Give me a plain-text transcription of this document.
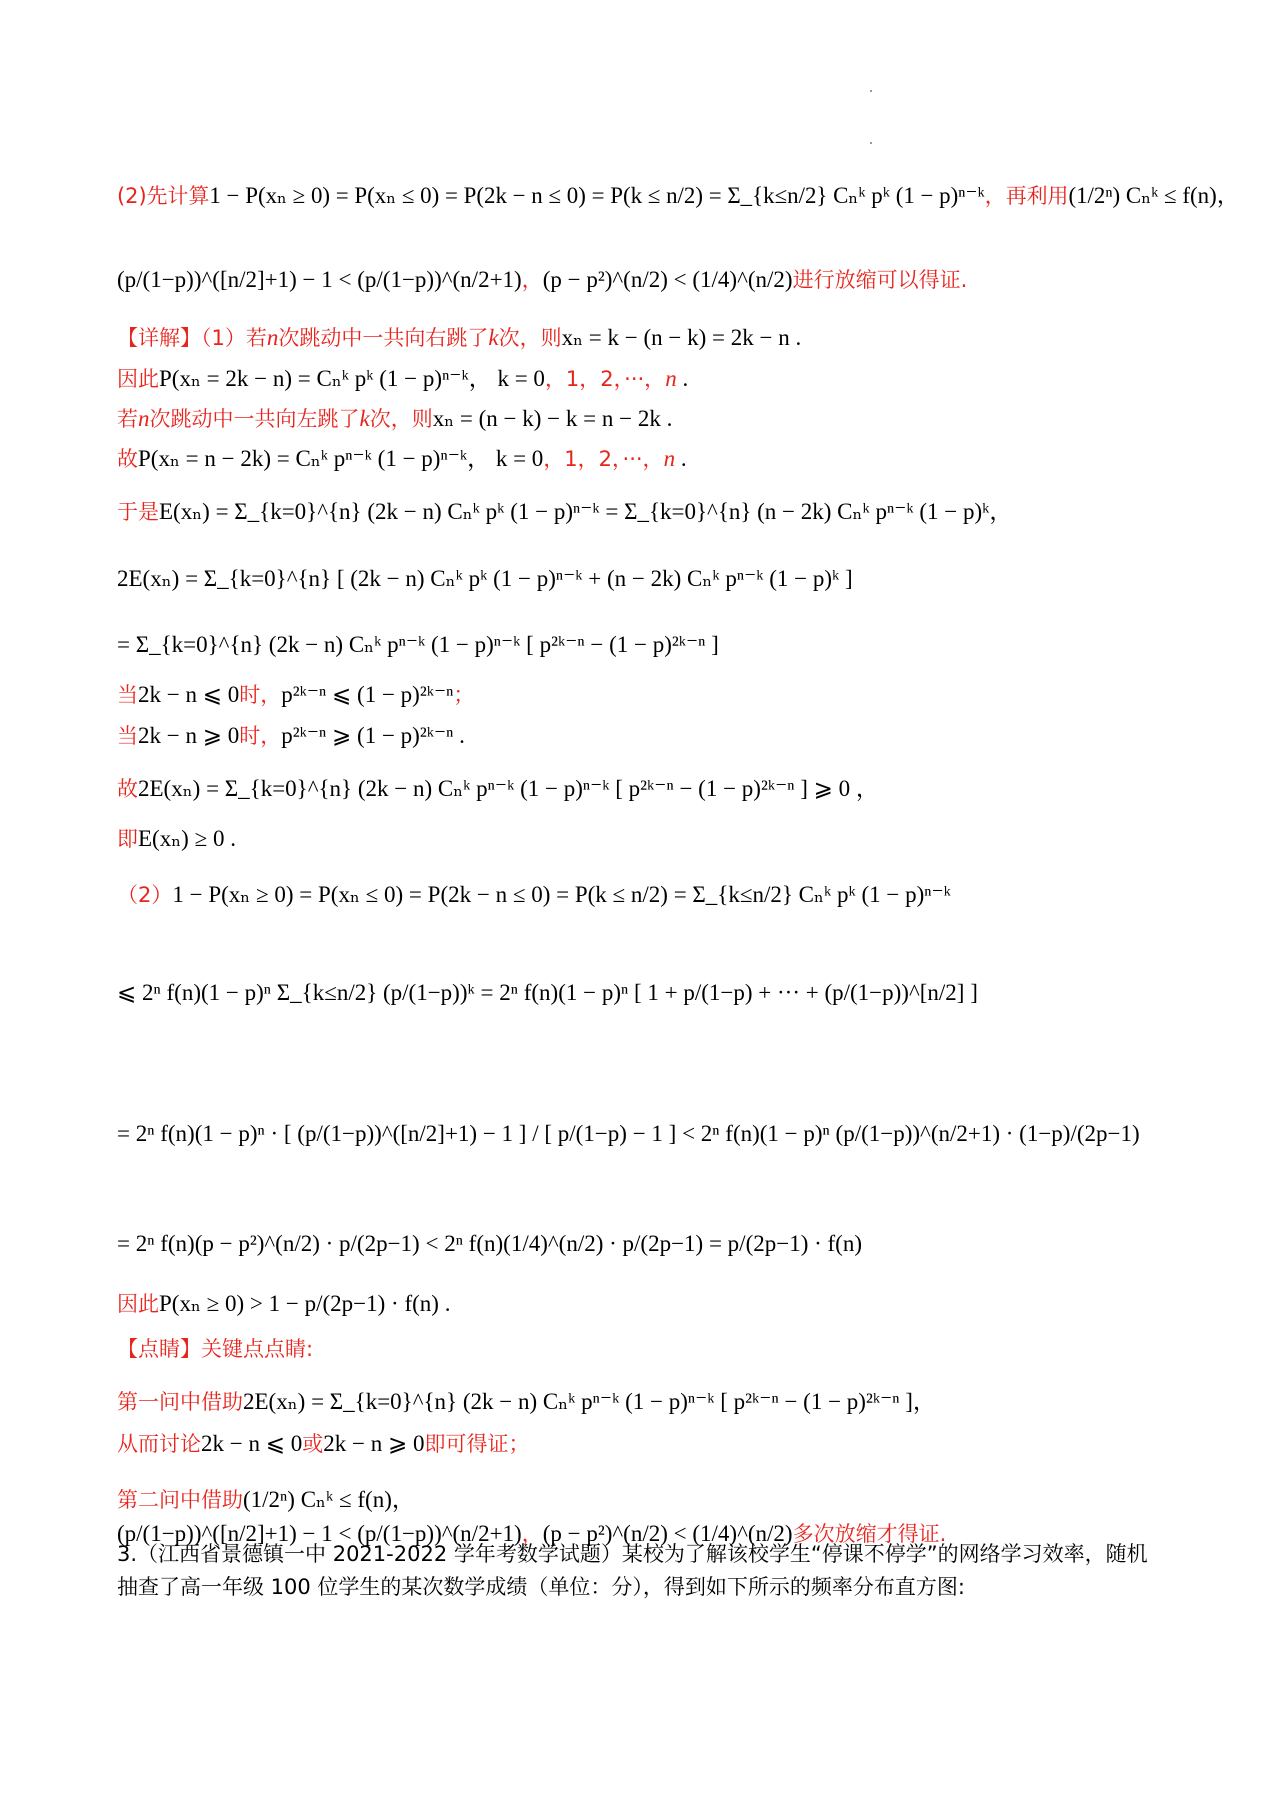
(2)先计算1 − P(xₙ ≥ 0) = P(xₙ ≤ 0) = P(2k − n ≤ 0) = P(k ≤ n/2) = Σ_{k≤n/2} Cₙᵏ pᵏ (1 − p)ⁿ⁻ᵏ，再利用(1/2ⁿ) Cₙᵏ ≤ f(n)，
(p/(1−p))^([n/2]+1) − 1 < (p/(1−p))^(n/2+1)，(p − p²)^(n/2) < (1/4)^(n/2)进行放缩可以得证.
【详解】（1）若n次跳动中一共向右跳了k次，则xₙ = k − (n − k) = 2k − n .
因此P(xₙ = 2k − n) = Cₙᵏ pᵏ (1 − p)ⁿ⁻ᵏ， k = 0，1，2，···，n .
若n次跳动中一共向左跳了k次，则xₙ = (n − k) − k = n − 2k .
故P(xₙ = n − 2k) = Cₙᵏ pⁿ⁻ᵏ (1 − p)ⁿ⁻ᵏ， k = 0，1，2，···，n .
于是E(xₙ) = Σ_{k=0}^{n} (2k − n) Cₙᵏ pᵏ (1 − p)ⁿ⁻ᵏ = Σ_{k=0}^{n} (n − 2k) Cₙᵏ pⁿ⁻ᵏ (1 − p)ᵏ，
2E(xₙ) = Σ_{k=0}^{n} [ (2k − n) Cₙᵏ pᵏ (1 − p)ⁿ⁻ᵏ + (n − 2k) Cₙᵏ pⁿ⁻ᵏ (1 − p)ᵏ ]
= Σ_{k=0}^{n} (2k − n) Cₙᵏ pⁿ⁻ᵏ (1 − p)ⁿ⁻ᵏ [ p²ᵏ⁻ⁿ − (1 − p)²ᵏ⁻ⁿ ]
当2k − n ⩽ 0时，p²ᵏ⁻ⁿ ⩽ (1 − p)²ᵏ⁻ⁿ；
当2k − n ⩾ 0时，p²ᵏ⁻ⁿ ⩾ (1 − p)²ᵏ⁻ⁿ .
故2E(xₙ) = Σ_{k=0}^{n} (2k − n) Cₙᵏ pⁿ⁻ᵏ (1 − p)ⁿ⁻ᵏ [ p²ᵏ⁻ⁿ − (1 − p)²ᵏ⁻ⁿ ] ⩾ 0 ，
即E(xₙ) ≥ 0 .
（2）1 − P(xₙ ≥ 0) = P(xₙ ≤ 0) = P(2k − n ≤ 0) = P(k ≤ n/2) = Σ_{k≤n/2} Cₙᵏ pᵏ (1 − p)ⁿ⁻ᵏ
⩽ 2ⁿ f(n)(1 − p)ⁿ Σ_{k≤n/2} (p/(1−p))ᵏ = 2ⁿ f(n)(1 − p)ⁿ [ 1 + p/(1−p) + ··· + (p/(1−p))^[n/2] ]
= 2ⁿ f(n)(1 − p)ⁿ · [ (p/(1−p))^([n/2]+1) − 1 ] / [ p/(1−p) − 1 ] < 2ⁿ f(n)(1 − p)ⁿ (p/(1−p))^(n/2+1) · (1−p)/(2p−1)
= 2ⁿ f(n)(p − p²)^(n/2) · p/(2p−1) < 2ⁿ f(n)(1/4)^(n/2) · p/(2p−1) = p/(2p−1) · f(n)
因此P(xₙ ≥ 0) > 1 − p/(2p−1) · f(n) .
【点睛】关键点点睛:
第一问中借助2E(xₙ) = Σ_{k=0}^{n} (2k − n) Cₙᵏ pⁿ⁻ᵏ (1 − p)ⁿ⁻ᵏ [ p²ᵏ⁻ⁿ − (1 − p)²ᵏ⁻ⁿ ]，
从而讨论2k − n ⩽ 0或2k − n ⩾ 0即可得证；
第二问中借助(1/2ⁿ) Cₙᵏ ≤ f(n)，
(p/(1−p))^([n/2]+1) − 1 < (p/(1−p))^(n/2+1)，(p − p²)^(n/2) < (1/4)^(n/2)多次放缩才得证.
3.（江西省景德镇一中 2021-2022 学年考数学试题）某校为了解该校学生“停课不停学”的网络学习效率，随机抽查了高一年级 100 位学生的某次数学成绩（单位：分），得到如下所示的频率分布直方图:
